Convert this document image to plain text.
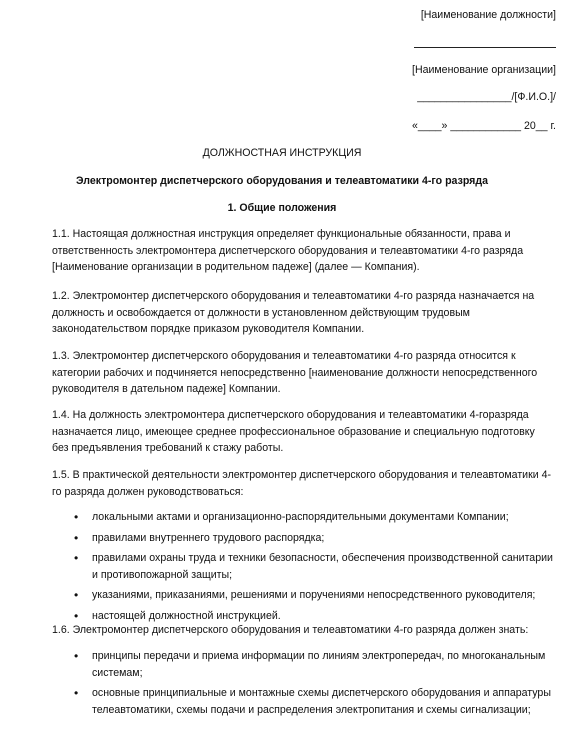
[Наименование должности]
[Наименование организации]
________________/[Ф.И.О.]/
«____» ____________ 20__ г.
ДОЛЖНОСТНАЯ ИНСТРУКЦИЯ
Электромонтер диспетчерского оборудования и телеавтоматики 4-го разряда
1. Общие положения
1.1. Настоящая должностная инструкция определяет функциональные обязанности, права и ответственность электромонтера диспетчерского оборудования и телеавтоматики 4-го разряда [Наименование организации в родительном падеже] (далее — Компания).
1.2. Электромонтер диспетчерского оборудования и телеавтоматики 4-го разряда назначается на должность и освобождается от должности в установленном действующим трудовым законодательством порядке приказом руководителя Компании.
1.3. Электромонтер диспетчерского оборудования и телеавтоматики 4-го разряда относится к категории рабочих и подчиняется непосредственно [наименование должности непосредственного руководителя в дательном падеже] Компании.
1.4. На должность электромонтера диспетчерского оборудования и телеавтоматики 4-горазряда назначается лицо, имеющее среднее профессиональное образование и специальную подготовку без предъявления требований к стажу работы.
1.5. В практической деятельности электромонтер диспетчерского оборудования и телеавтоматики 4-го разряда должен руководствоваться:
• локальными актами и организационно-распорядительными документами Компании;
• правилами внутреннего трудового распорядка;
• правилами охраны труда и техники безопасности, обеспечения производственной санитарии и противопожарной защиты;
• указаниями, приказаниями, решениями и поручениями непосредственного руководителя;
• настоящей должностной инструкцией.
1.6. Электромонтер диспетчерского оборудования и телеавтоматики 4-го разряда должен знать:
• принципы передачи и приема информации по линиям электропередач, по многоканальным системам;
• основные принципиальные и монтажные схемы диспетчерского оборудования и аппаратуры телеавтоматики, схемы подачи и распределения электропитания и схемы сигнализации;
